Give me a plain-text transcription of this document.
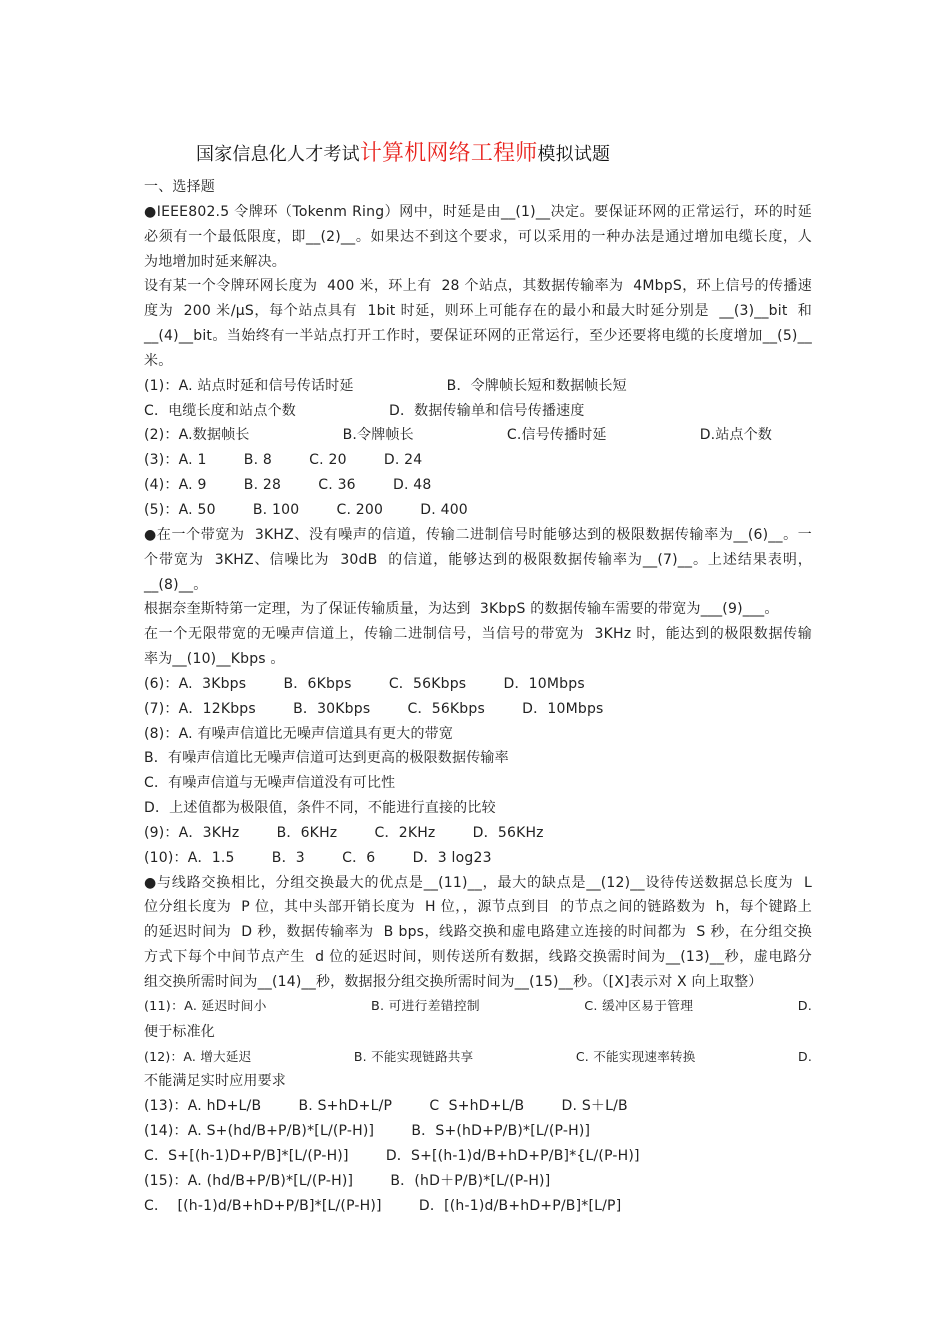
国家信息化人才考试计算机网络工程师模拟试题
一、选择题
●IEEE802.5 令牌环（Tokenm Ring）网中，时延是由__(1)__决定。要保证环网的正常运行，环的时延
必须有一个最低限度，即__(2)__。如果达不到这个要求，可以采用的一种办法是通过增加电缆长度，人
为地增加时延来解决。
设有某一个令牌环网长度为  400 米，环上有  28 个站点，其数据传输率为  4MbpS，环上信号的传播速
度为  200 米/μS，每个站点具有  1bit 时延，则环上可能存在的最小和最大时延分别是  __(3)__bit  和
__(4)__bit。当始终有一半站点打开工作时，要保证环网的正常运行，至少还要将电缆的长度增加__(5)__
米。
(1)：A. 站点时延和信号传话时延                    B．令牌帧长短和数据帧长短
C．电缆长度和站点个数                    D．数据传输单和信号传播速度
(2)：A.数据帧长                    B.令牌帧长                    C.信号传播时延                    D.站点个数
(3)：A. 1        B. 8        C. 20        D. 24
(4)：A. 9        B. 28        C. 36        D. 48
(5)：A. 50        B. 100        C. 200        D. 400
●在一个带宽为  3KHZ、没有噪声的信道，传输二进制信号时能够达到的极限数据传输率为__(6)__。一
个带宽为  3KHZ、信噪比为  30dB  的信道，能够达到的极限数据传输率为__(7)__。上述结果表明，
__(8)__。
根据奈奎斯特第一定理，为了保证传输质量，为达到  3KbpS 的数据传输车需要的带宽为___(9)___。
在一个无限带宽的无噪声信道上，传输二进制信号，当信号的带宽为  3KHz 时，能达到的极限数据传输
率为__(10)__Kbps 。
(6)：A.  3Kbps        B．6Kbps        C．56Kbps        D．10Mbps
(7)：A．12Kbps        B．30Kbps        C．56Kbps        D．10Mbps
(8)：A. 有噪声信道比无噪声信道具有更大的带宽
B．有噪声信道比无噪声信道可达到更高的极限数据传输率
C．有噪声信道与无噪声信道没有可比性
D．上述值都为极限值，条件不同，不能进行直接的比较
(9)：A．3KHz        B．6KHz        C．2KHz        D．56KHz
(10)：A．1.5        B．3        C．6        D．3 log23
●与线路交换相比，分组交换最大的优点是__(11)__，最大的缺点是__(12)__设待传送数据总长度为  L
位分组长度为  P 位，其中头部开销长度为  H 位，，源节点到目  的节点之间的链路数为  h，每个键路上
的延迟时间为  D 秒，数据传输率为  B bps，线路交换和虚电路建立连接的时间都为  S 秒，在分组交换
方式下每个中间节点产生  d 位的延迟时间，则传送所有数据，线路交换需时间为__(13)__秒，虚电路分
组交换所需时间为__(14)__秒，数据报分组交换所需时间为__(15)__秒。（[X]表示对 X 向上取整）
(11)：A. 延迟时间小                        B. 可进行差错控制                        C. 缓冲区易于管理                        D.
便于标准化
(12)：A. 增大延迟                        B. 不能实现链路共享                        C. 不能实现速率转换                        D.
不能满足实时应用要求
(13)：A. hD+L/B        B. S+hD+L/P        C  S+hD+L/B        D. S＋L/B
(14)：A. S+(hd/B+P/B)*[L/(P-H)]        B．S+(hD+P/B)*[L/(P-H)]
C．S+[(h-1)D+P/B]*[L/(P-H)]        D．S+[(h-1)d/B+hD+P/B]*{L/(P-H)]
(15)：A. (hd/B+P/B)*[L/(P-H)]        B．(hD＋P/B)*[L/(P-H)]
C．  [(h-1)d/B+hD+P/B]*[L/(P-H)]        D．[(h-1)d/B+hD+P/B]*[L/P]
